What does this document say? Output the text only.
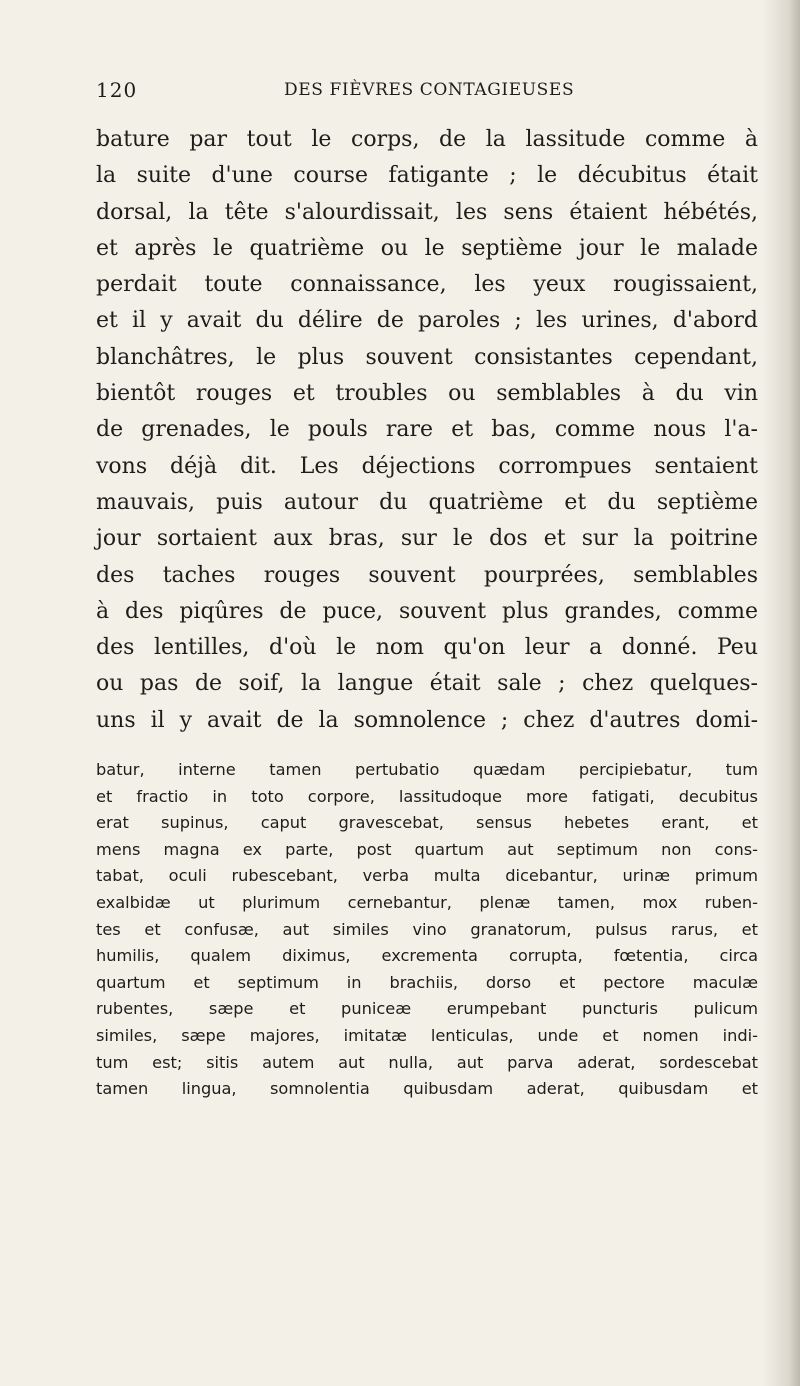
120	DES FIÈVRES CONTAGIEUSES
bature par tout le corps, de la lassitude comme à
la suite d'une course fatigante ; le décubitus était
dorsal, la tête s'alourdissait, les sens étaient hébétés,
et après le quatrième ou le septième jour le malade
perdait toute connaissance, les yeux rougissaient,
et il y avait du délire de paroles ; les urines, d'abord
blanchâtres, le plus souvent consistantes cependant,
bientôt rouges et troubles ou semblables à du vin
de grenades, le pouls rare et bas, comme nous l'a-
vons déjà dit. Les déjections corrompues sentaient
mauvais, puis autour du quatrième et du septième
jour sortaient aux bras, sur le dos et sur la poitrine
des taches rouges souvent pourprées, semblables
à des piqûres de puce, souvent plus grandes, comme
des lentilles, d'où le nom qu'on leur a donné. Peu
ou pas de soif, la langue était sale ; chez quelques-
uns il y avait de la somnolence ; chez d'autres domi-
batur, interne tamen pertubatio quædam percipiebatur, tum
et fractio in toto corpore, lassitudoque more fatigati, decubitus
erat supinus, caput gravescebat, sensus hebetes erant, et
mens magna ex parte, post quartum aut septimum non cons-
tabat, oculi rubescebant, verba multa dicebantur, urinæ primum
exalbidæ ut plurimum cernebantur, plenæ tamen, mox ruben-
tes et confusæ, aut similes vino granatorum, pulsus rarus, et
humilis, qualem diximus, excrementa corrupta, fœtentia, circa
quartum et septimum in brachiis, dorso et pectore maculæ
rubentes, sæpe et puniceæ erumpebant puncturis pulicum
similes, sæpe majores, imitatæ lenticulas, unde et nomen indi-
tum est; sitis autem aut nulla, aut parva aderat, sordescebat
tamen lingua, somnolentia quibusdam aderat, quibusdam et
